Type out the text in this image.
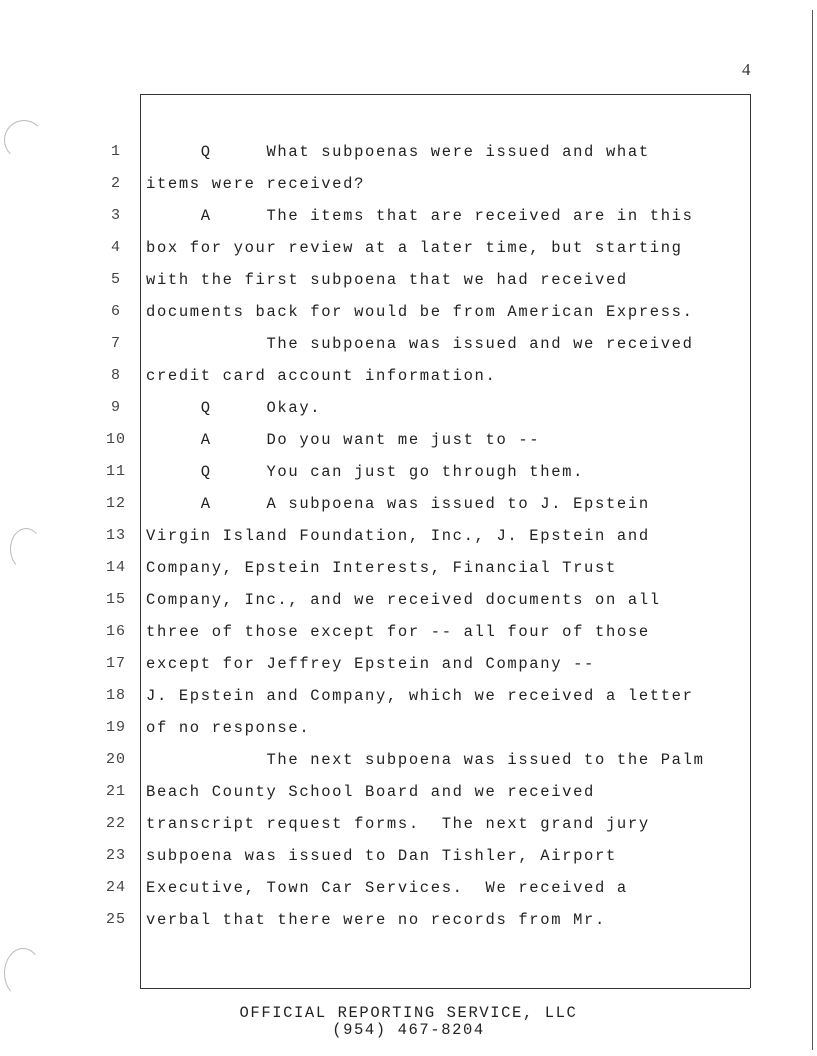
4
1	Q     What subpoenas were issued and what
2	items were received?
3	A     The items that are received are in this
4	box for your review at a later time, but starting
5	with the first subpoena that we had received
6	documents back for would be from American Express.
7	The subpoena was issued and we received
8	credit card account information.
9	Q     Okay.
10	A     Do you want me just to --
11	Q     You can just go through them.
12	A     A subpoena was issued to J. Epstein
13	Virgin Island Foundation, Inc., J. Epstein and
14	Company, Epstein Interests, Financial Trust
15	Company, Inc., and we received documents on all
16	three of those except for -- all four of those
17	except for Jeffrey Epstein and Company --
18	J. Epstein and Company, which we received a letter
19	of no response.
20	The next subpoena was issued to the Palm
21	Beach County School Board and we received
22	transcript request forms.  The next grand jury
23	subpoena was issued to Dan Tishler, Airport
24	Executive, Town Car Services.  We received a
25	verbal that there were no records from Mr.
OFFICIAL REPORTING SERVICE, LLC
(954) 467-8204
